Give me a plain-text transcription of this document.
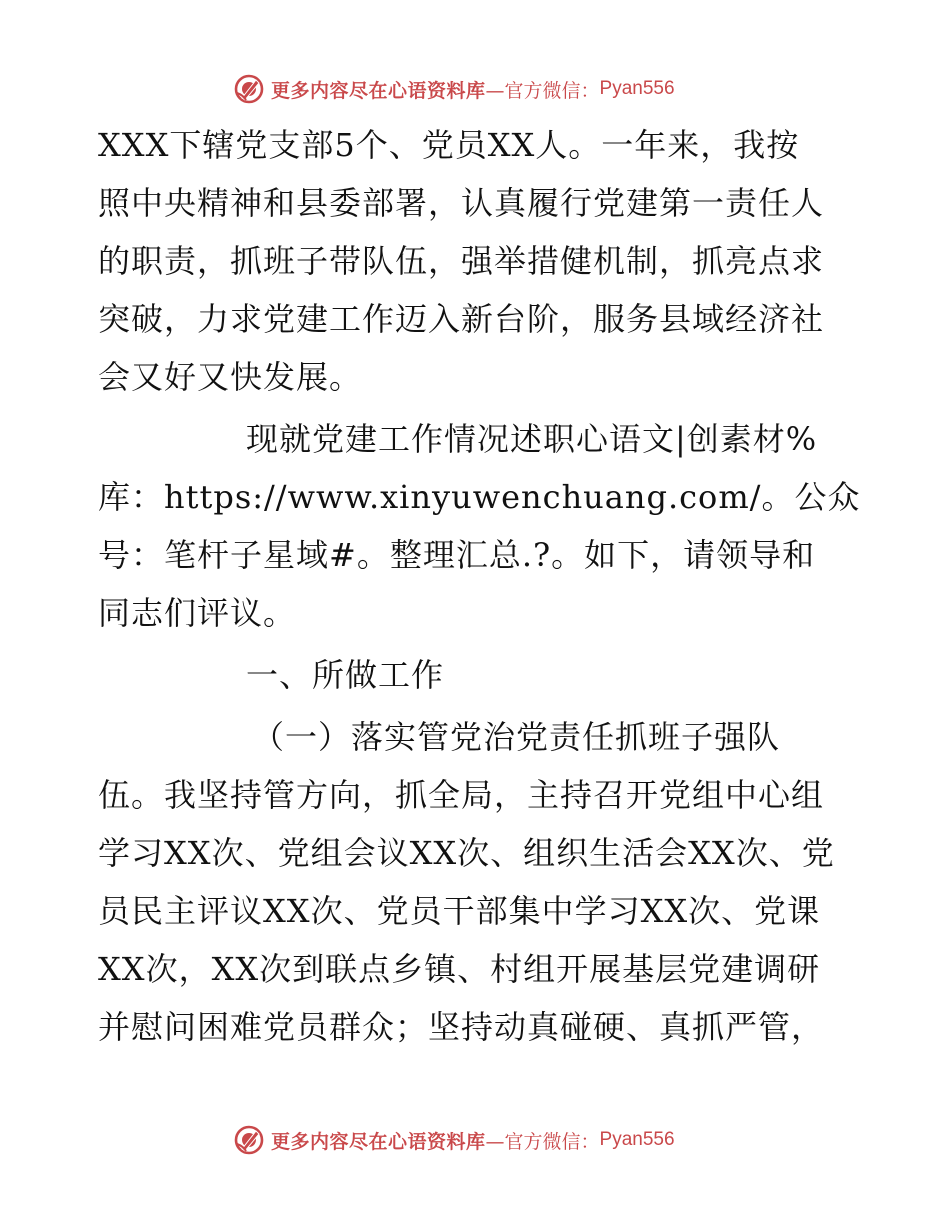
更多内容尽在心语资料库 —官方微信： Pyan556
XXX下辖党支部5个、党员XX人。一年来，我按
照中央精神和县委部署，认真履行党建第一责任人
的职责，抓班子带队伍，强举措健机制，抓亮点求
突破，力求党建工作迈入新台阶，服务县域经济社
会又好又快发展。
现就党建工作情况述职心语文|创素材%
库：https://www.xinyuwenchuang.com/。公众
号：笔杆子星域#。整理汇总.?。如下，请领导和
同志们评议。
一、所做工作
（一）落实管党治党责任抓班子强队
伍。我坚持管方向，抓全局，主持召开党组中心组
学习XX次、党组会议XX次、组织生活会XX次、党
员民主评议XX次、党员干部集中学习XX次、党课
XX次，XX次到联点乡镇、村组开展基层党建调研
并慰问困难党员群众；坚持动真碰硬、真抓严管，
更多内容尽在心语资料库 —官方微信： Pyan556
